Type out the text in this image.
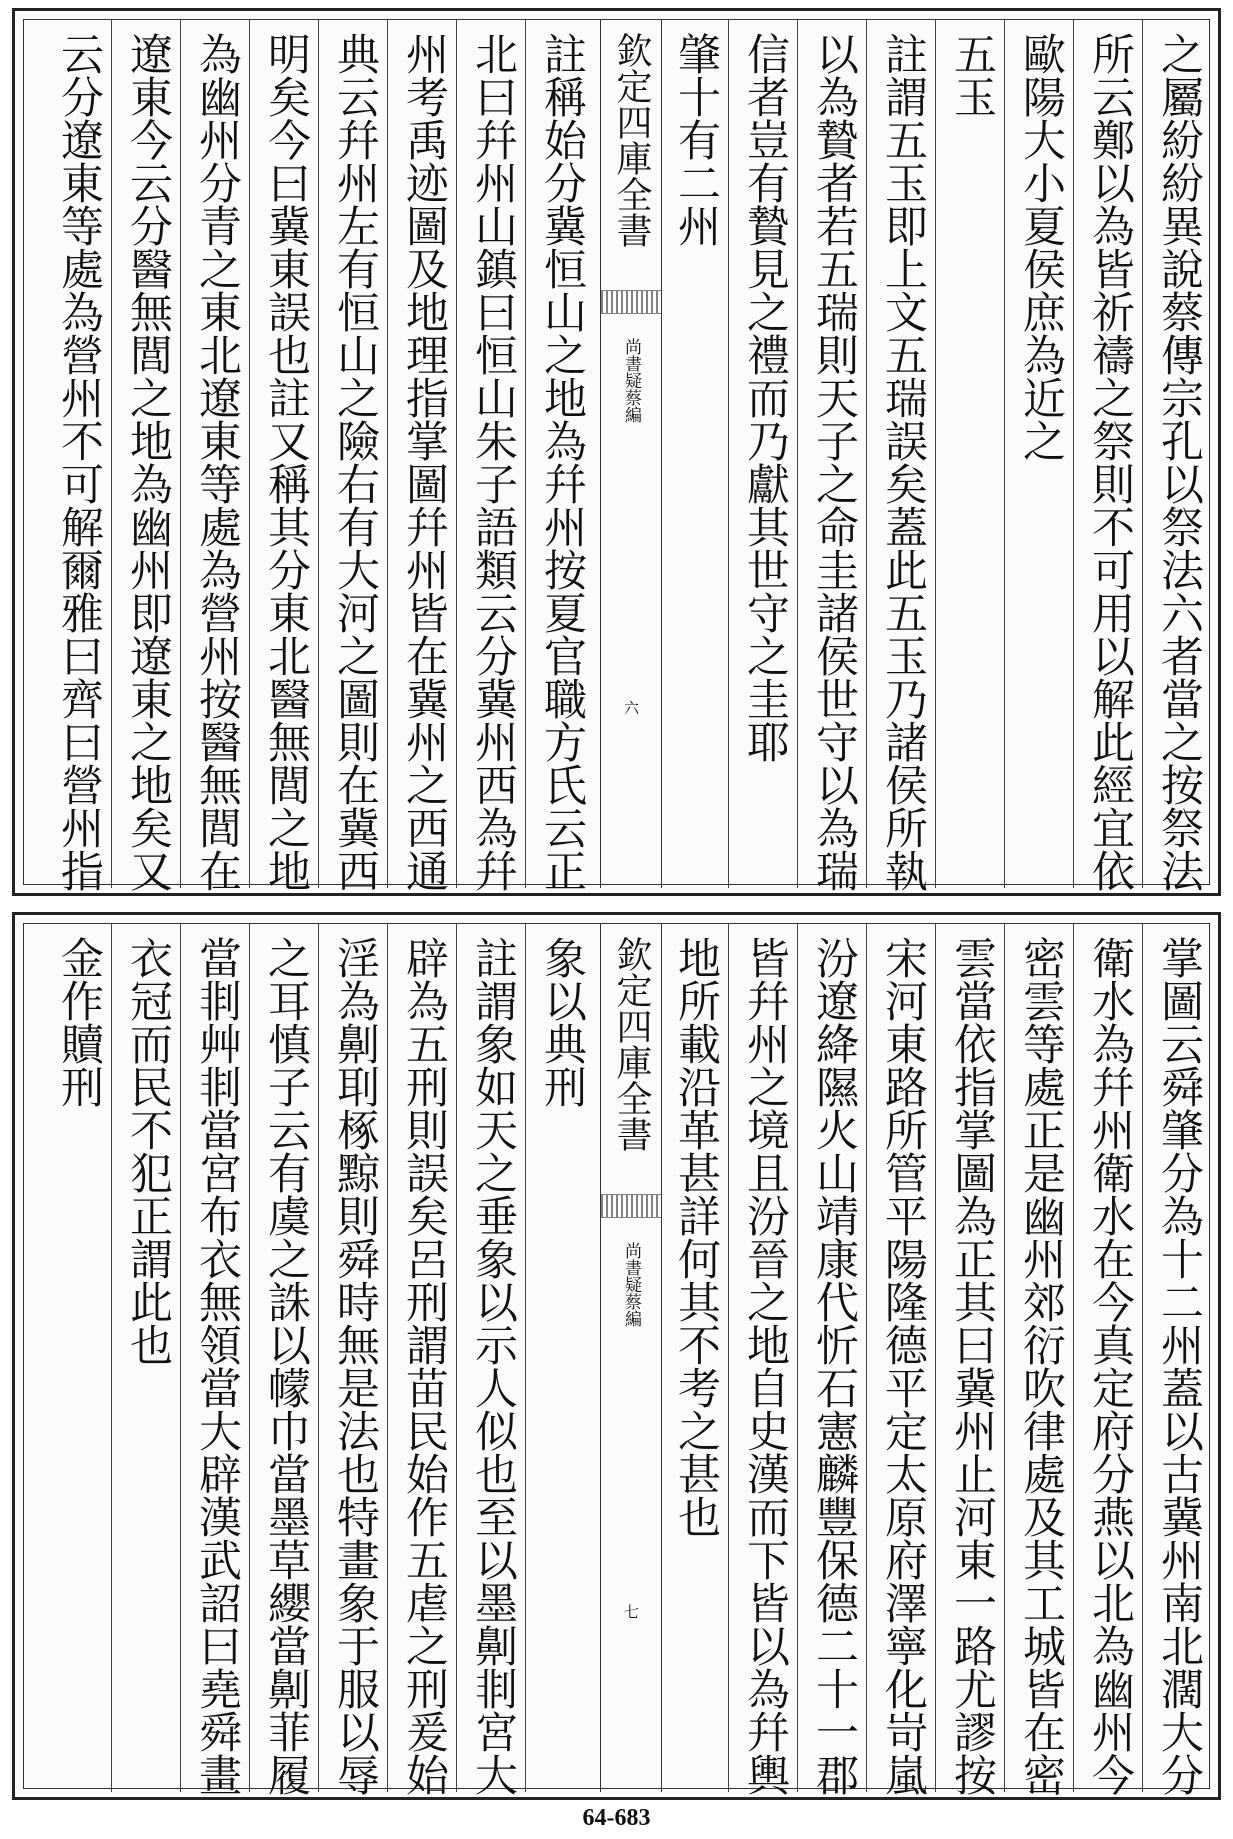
之屬紛紛異說蔡傳宗孔以祭法六者當之按祭法
所云鄭以為皆祈禱之祭則不可用以解此經宜依
歐陽大小夏侯庶為近之
五玉
註謂五玉即上文五瑞誤矣蓋此五玉乃諸侯所執
以為贄者若五瑞則天子之命圭諸侯世守以為瑞
信者豈有贄見之禮而乃獻其世守之圭耶
肇十有二州
欽定四庫全書
尚書疑蔡編
六
註稱始分冀恒山之地為幷州按夏官職方氏云正
北曰幷州山鎮曰恒山朱子語類云分冀州西為幷
州考禹迹圖及地理指掌圖幷州皆在冀州之西通
典云幷州左有恒山之險右有大河之圖則在冀西
明矣今曰冀東誤也註又稱其分東北醫無閭之地
為幽州分青之東北遼東等處為營州按醫無閭在
遼東今云分醫無閭之地為幽州即遼東之地矣又
云分遼東等處為營州不可解爾雅曰齊曰營州指
掌圖云舜肇分為十二州蓋以古冀州南北濶大分
衛水為幷州衛水在今真定府分燕以北為幽州今
密雲等處正是幽州郊衍吹律處及其工城皆在密
雲當依指掌圖為正其曰冀州止河東一路尤謬按
宋河東路所管平陽隆德平定太原府澤寧化岢嵐
汾遼絳隰火山靖康代忻石憲麟豐保德二十一郡
皆幷州之境且汾晉之地自史漢而下皆以為幷輿
地所載沿革甚詳何其不考之甚也
欽定四庫全書
尚書疑蔡編
七
象以典刑
註謂象如天之垂象以示人似也至以墨劓剕宮大
辟為五刑則誤矣呂刑謂苗民始作五虐之刑爰始
淫為劓刵椓黥則舜時無是法也特畫象于服以辱
之耳慎子云有虞之誅以幪巾當墨草纓當劓菲履
當剕艸剕當宮布衣無領當大辟漢武詔曰堯舜畫
衣冠而民不犯正謂此也
金作贖刑
64-683
